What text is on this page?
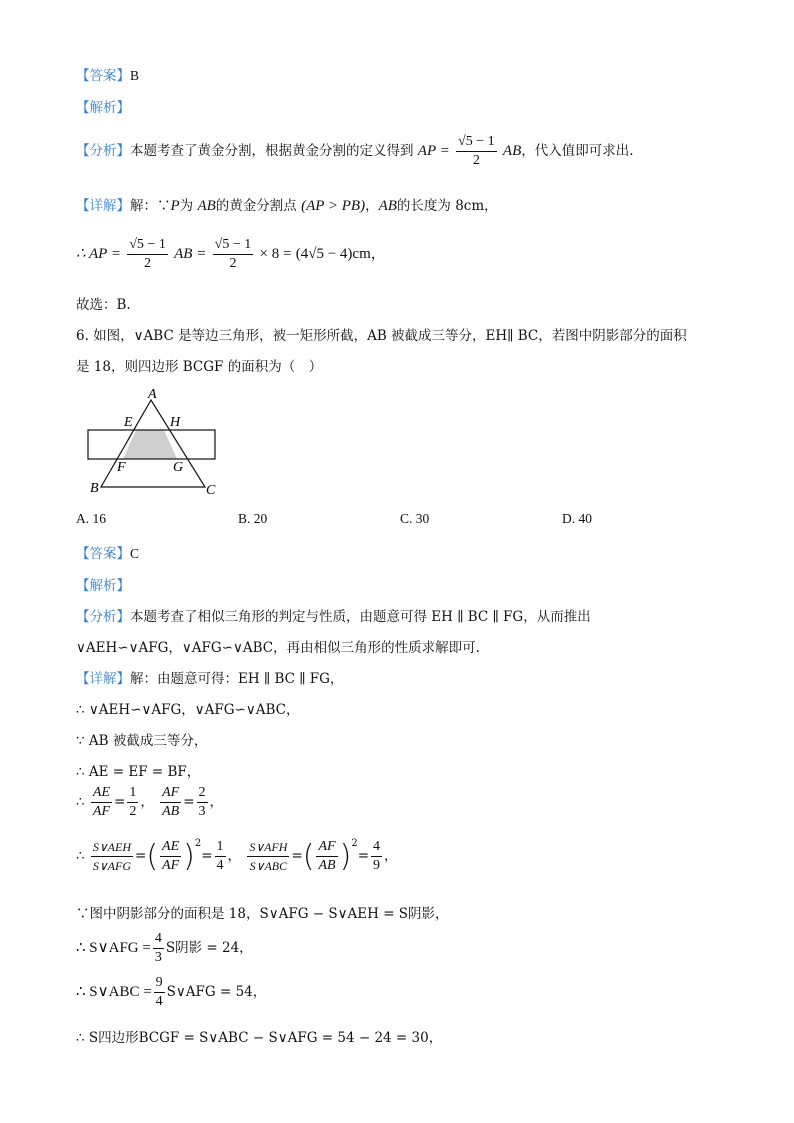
【答案】B
【解析】
【分析】本题考查了黄金分割，根据黄金分割的定义得到 AP = $\frac{√5 - 1}{2}$ AB，代入值即可求出.
【详解】解：∵P为 AB的黄金分割点 (AP > PB)，AB的长度为 8cm，
∴ AP = $\frac{√5 - 1}{2}$ AB = $\frac{√5 - 1}{2} \times 8 = (4√5 - 4)cm$，
故选：B.
6. 如图，∨ABC 是等边三角形，被一矩形所截，AB 被截成三等分，EH∥ BC，若图中阴影部分的面积
是 18，则四边形 BCGF 的面积为（　）
A
E	H
F	G
B	C
A. 16	B. 20	C. 30	D. 40
【答案】C
【解析】
【分析】本题考查了相似三角形的判定与性质，由题意可得 EH ∥ BC ∥ FG，从而推出
∨AEH∽∨AFG，∨AFG∽∨ABC，再由相似三角形的性质求解即可.
【详解】解：由题意可得：EH ∥ BC ∥ FG，
∴ ∨AEH∽∨AFG，∨AFG∽∨ABC，
∵ AB 被截成三等分，
∴ AE = EF = BF，
∴ $\frac{AE}{AF} = \frac{1}{2}$ ， $\frac{AF}{AB} = \frac{2}{3}$ ，
∴ $\frac{\text{S∨AEH}}{\text{S∨AFG}}$ =( $\frac{AE}{AF} )^2= \frac{1}{4}$ ， $\frac{\text{S∨AFH}}{\text{S∨ABC}}$ =( $\frac{AF}{AB} )^2= \frac{4}{9}$ ，
∵图中阴影部分的面积是 18，S∨AFG − S∨AEH = S阴影，
∴ S∨AFG = $\frac{4}{3}$ S阴影 = 24，
∴ S∨ABC = $\frac{9}{4}$ S∨AFG = 54，
∴ S四边形BCGF = S∨ABC − S∨AFG = 54 − 24 = 30，
